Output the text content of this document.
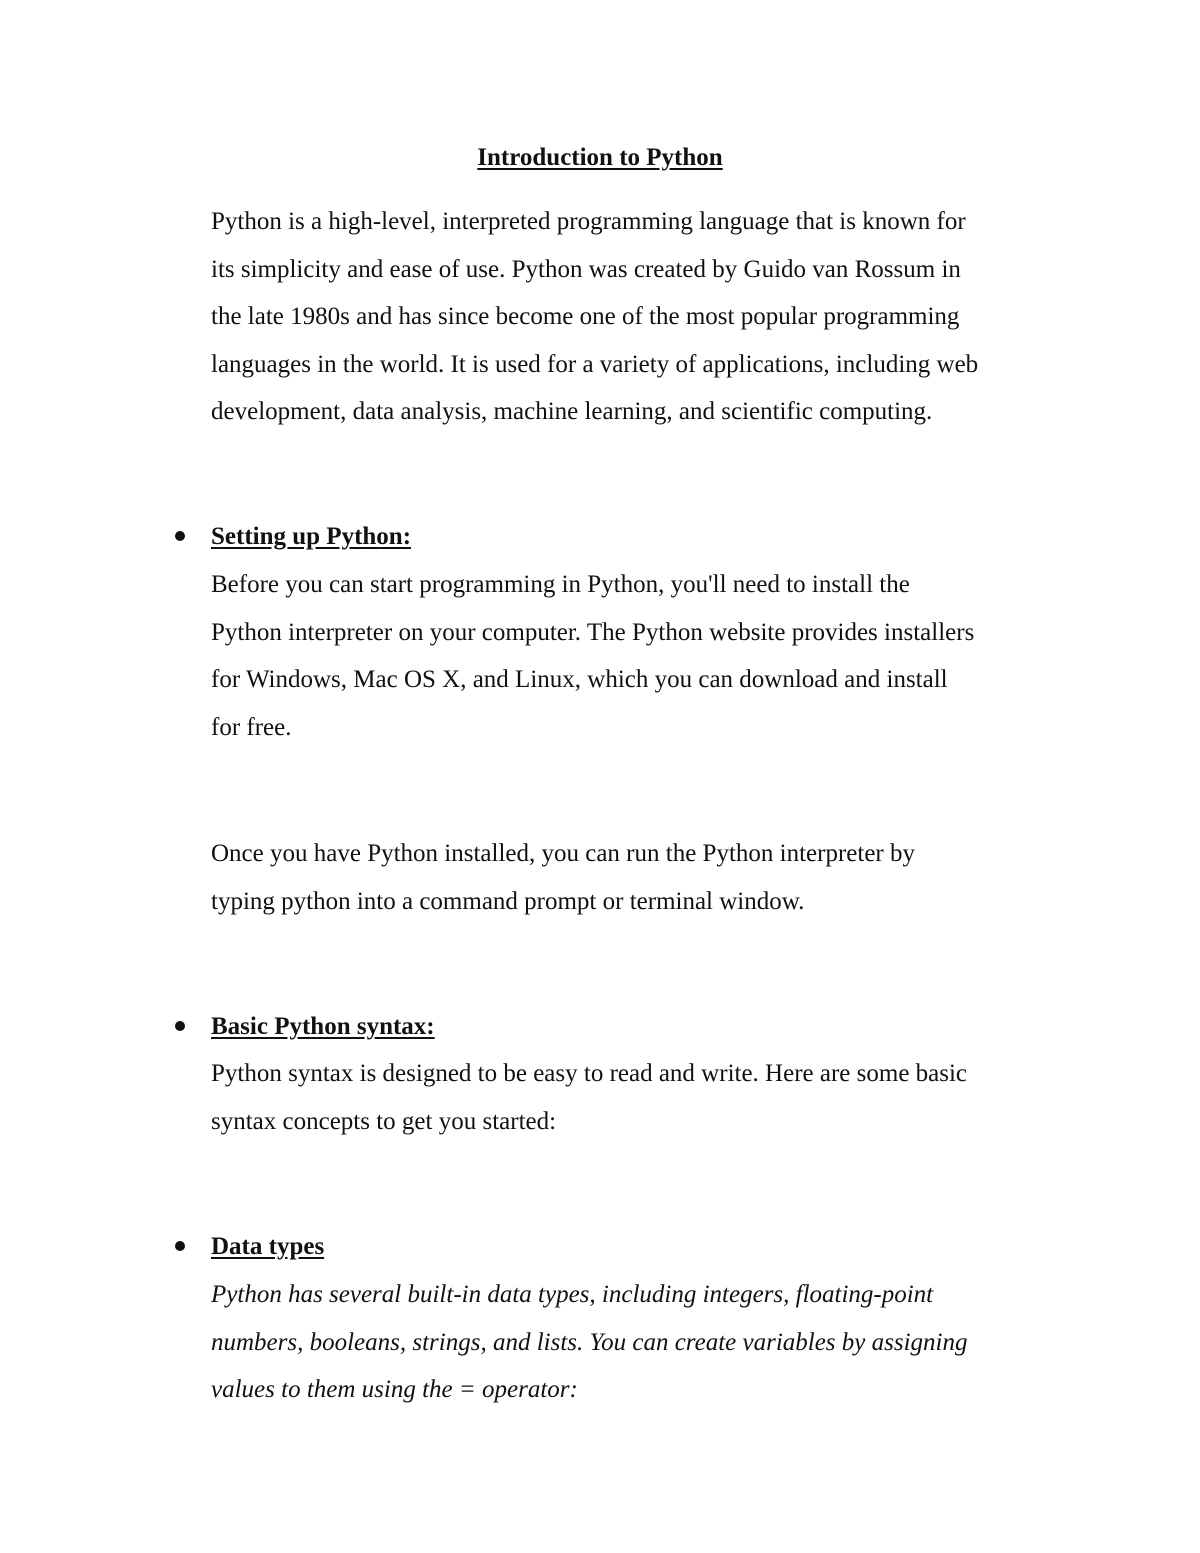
Introduction to Python

Python is a high-level, interpreted programming language that is known for
its simplicity and ease of use. Python was created by Guido van Rossum in
the late 1980s and has since become one of the most popular programming
languages in the world. It is used for a variety of applications, including web
development, data analysis, machine learning, and scientific computing.

Setting up Python:

Before you can start programming in Python, you'll need to install the
Python interpreter on your computer. The Python website provides installers
for Windows, Mac OS X, and Linux, which you can download and install
for free.

Once you have Python installed, you can run the Python interpreter by
typing python into a command prompt or terminal window.

Basic Python syntax:

Python syntax is designed to be easy to read and write. Here are some basic
syntax concepts to get you started:

Data types

Python has several built-in data types, including integers, floating-point
numbers, booleans, strings, and lists. You can create variables by assigning
values to them using the = operator:
